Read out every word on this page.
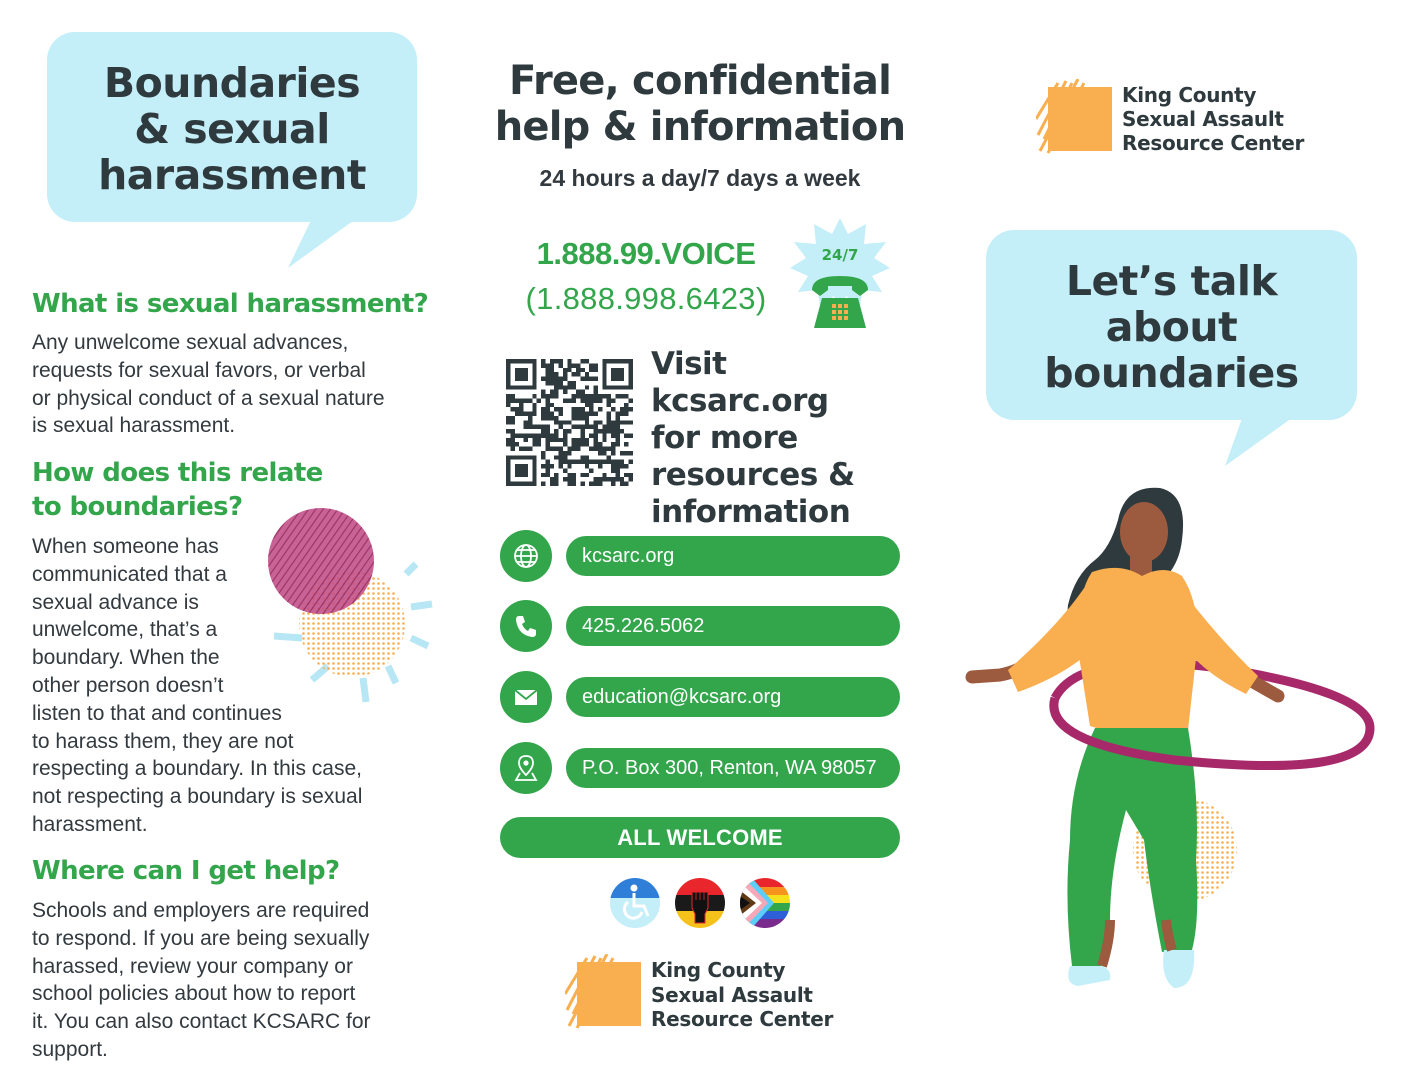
Boundaries
& sexual
harassment
What is sexual harassment?
Any unwelcome sexual advances,
requests for sexual favors, or verbal
or physical conduct of a sexual nature
is sexual harassment.
How does this relate
to boundaries?
When someone has
communicated that a
sexual advance is
unwelcome, that’s a
boundary. When the
other person doesn’t
listen to that and continues
to harass them, they are not
respecting a boundary. In this case,
not respecting a boundary is sexual
harassment.
Where can I get help?
Schools and employers are required
to respond. If you are being sexually
harassed, review your company or
school policies about how to report
it. You can also contact KCSARC for
support.
Free, confidential
help & information
24 hours a day/7 days a week
1.888.99.VOICE
(1.888.998.6423)
24/7
Visit kcsarc.org
for more
resources &
information
kcsarc.org
425.226.5062
education@kcsarc.org
P.O. Box 300, Renton, WA 98057
ALL WELCOME
King County
Sexual Assault
Resource Center
King County
Sexual Assault
Resource Center
Let’s talk
about
boundaries
